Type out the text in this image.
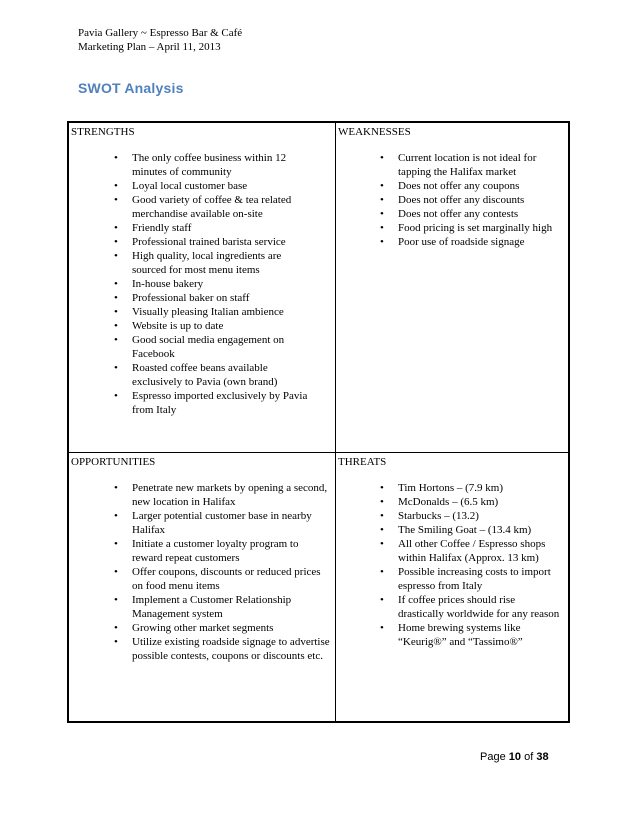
Pavia Gallery ~ Espresso Bar & Café
Marketing Plan – April 11, 2013
SWOT Analysis
STRENGTHS
• The only coffee business within 12 minutes of community
• Loyal local customer base
• Good variety of coffee & tea related merchandise available on-site
• Friendly staff
• Professional trained barista service
• High quality, local ingredients are sourced for most menu items
• In-house bakery
• Professional baker on staff
• Visually pleasing Italian ambience
• Website is up to date
• Good social media engagement on Facebook
• Roasted coffee beans available exclusively to Pavia (own brand)
• Espresso imported exclusively by Pavia from Italy
WEAKNESSES
• Current location is not ideal for tapping the Halifax market
• Does not offer any coupons
• Does not offer any discounts
• Does not offer any contests
• Food pricing is set marginally high
• Poor use of roadside signage
OPPORTUNITIES
• Penetrate new markets by opening a second, new location in Halifax
• Larger potential customer base in nearby Halifax
• Initiate a customer loyalty program to reward repeat customers
• Offer coupons, discounts or reduced prices on food menu items
• Implement a Customer Relationship Management system
• Growing other market segments
• Utilize existing roadside signage to advertise possible contests, coupons or discounts etc.
THREATS
• Tim Hortons – (7.9 km)
• McDonalds – (6.5 km)
• Starbucks – (13.2)
• The Smiling Goat – (13.4 km)
• All other Coffee / Espresso shops within Halifax (Approx. 13 km)
• Possible increasing costs to import espresso from Italy
• If coffee prices should rise drastically worldwide for any reason
• Home brewing systems like “Keurig®” and “Tassimo®”
Page 10 of 38
